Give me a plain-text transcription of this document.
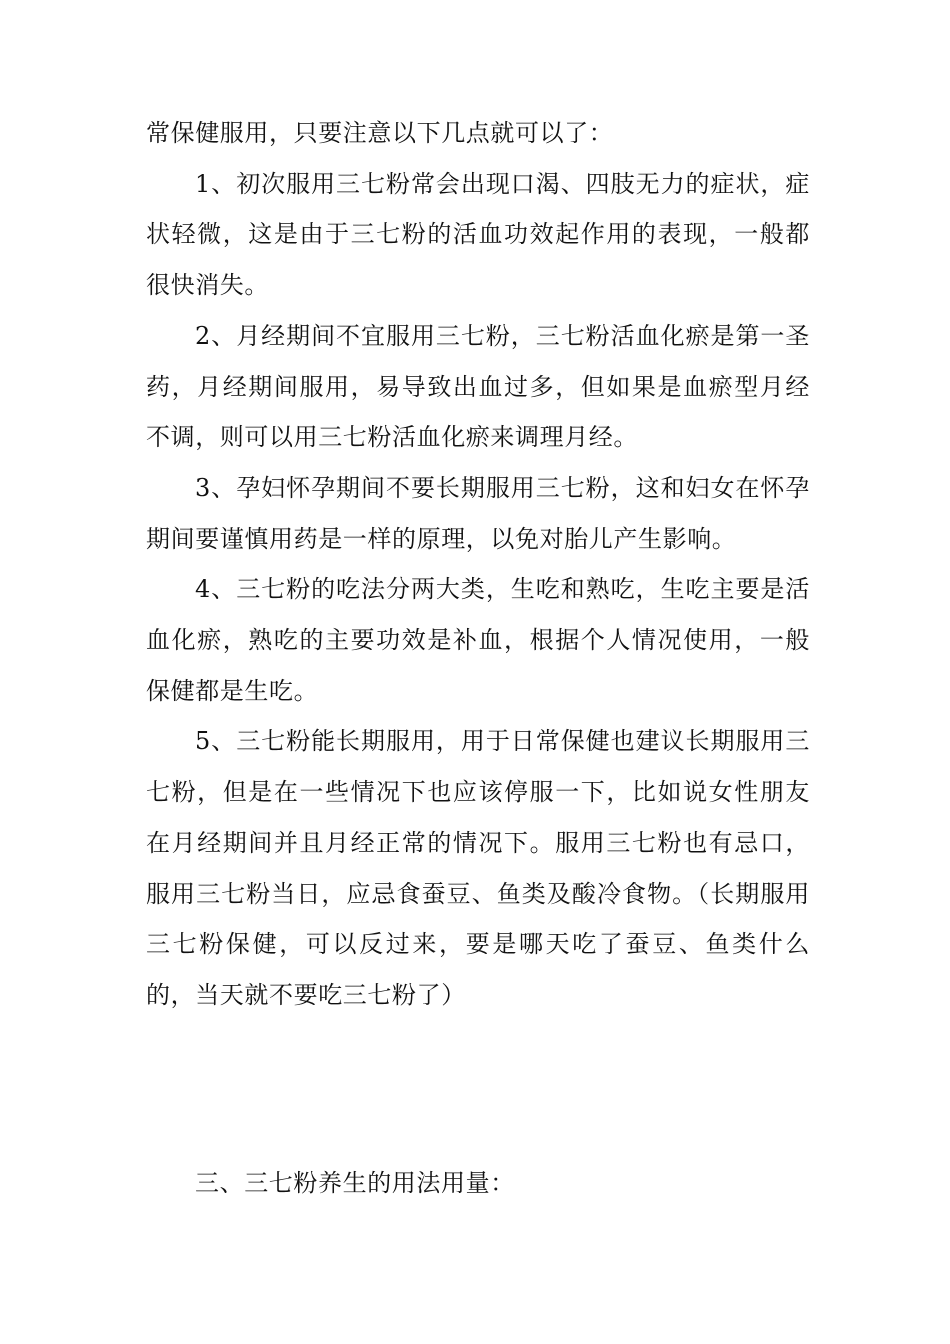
常保健服用，只要注意以下几点就可以了：

1、初次服用三七粉常会出现口渴、四肢无力的症状，症状轻微，这是由于三七粉的活血功效起作用的表现，一般都很快消失。

2、月经期间不宜服用三七粉，三七粉活血化瘀是第一圣药，月经期间服用，易导致出血过多，但如果是血瘀型月经不调，则可以用三七粉活血化瘀来调理月经。

3、孕妇怀孕期间不要长期服用三七粉，这和妇女在怀孕期间要谨慎用药是一样的原理，以免对胎儿产生影响。

4、三七粉的吃法分两大类，生吃和熟吃，生吃主要是活血化瘀，熟吃的主要功效是补血，根据个人情况使用，一般保健都是生吃。

5、三七粉能长期服用，用于日常保健也建议长期服用三七粉，但是在一些情况下也应该停服一下，比如说女性朋友在月经期间并且月经正常的情况下。服用三七粉也有忌口，服用三七粉当日，应忌食蚕豆、鱼类及酸冷食物。（长期服用三七粉保健，可以反过来，要是哪天吃了蚕豆、鱼类什么的，当天就不要吃三七粉了）

三、三七粉养生的用法用量：
